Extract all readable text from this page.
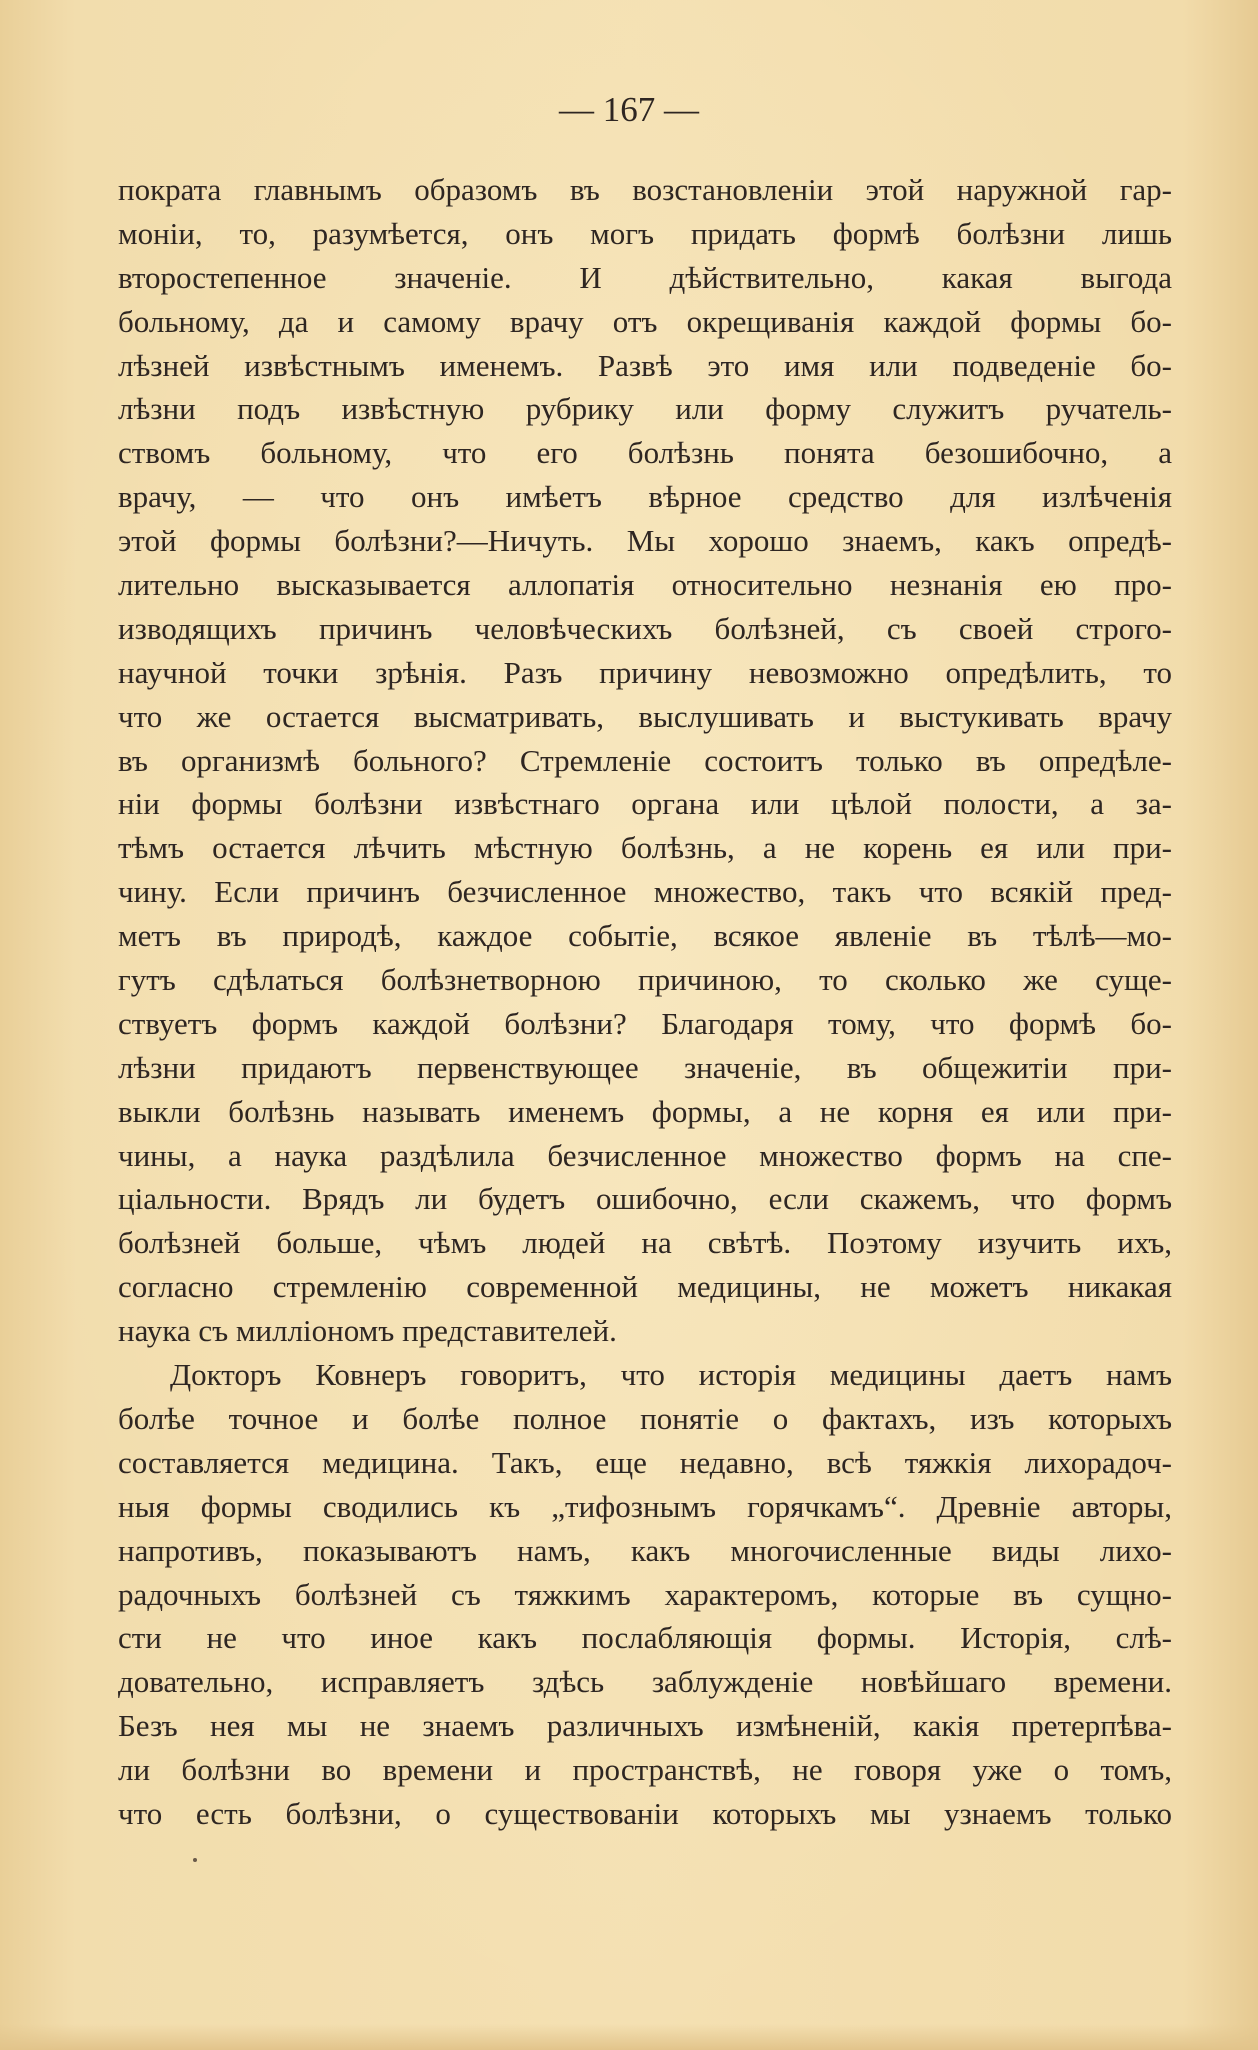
— 167 —
пократа главнымъ образомъ въ возстановленіи этой наружной гар-
моніи, то, разумѣется, онъ могъ придать формѣ болѣзни лишь
второстепенное значеніе. И дѣйствительно, какая выгода
больному, да и самому врачу отъ окрещиванія каждой формы бо-
лѣзней извѣстнымъ именемъ. Развѣ это имя или подведеніе бо-
лѣзни подъ извѣстную рубрику или форму служитъ ручатель-
ствомъ больному, что его болѣзнь понята безошибочно, а
врачу, — что онъ имѣетъ вѣрное средство для излѣченія
этой формы болѣзни?—Ничуть. Мы хорошо знаемъ, какъ опредѣ-
лительно высказывается аллопатія относительно незнанія ею про-
изводящихъ причинъ человѣческихъ болѣзней, съ своей строго-
научной точки зрѣнія. Разъ причину невозможно опредѣлить, то
что же остается высматривать, выслушивать и выстукивать врачу
въ организмѣ больного? Стремленіе состоитъ только въ опредѣле-
ніи формы болѣзни извѣстнаго органа или цѣлой полости, а за-
тѣмъ остается лѣчить мѣстную болѣзнь, а не корень ея или при-
чину. Если причинъ безчисленное множество, такъ что всякій пред-
метъ въ природѣ, каждое событіе, всякое явленіе въ тѣлѣ—мо-
гутъ сдѣлаться болѣзнетворною причиною, то сколько же суще-
ствуетъ формъ каждой болѣзни? Благодаря тому, что формѣ бо-
лѣзни придаютъ первенствующее значеніе, въ общежитіи при-
выкли болѣзнь называть именемъ формы, а не корня ея или при-
чины, а наука раздѣлила безчисленное множество формъ на спе-
ціальности. Врядъ ли будетъ ошибочно, если скажемъ, что формъ
болѣзней больше, чѣмъ людей на свѣтѣ. Поэтому изучить ихъ,
согласно стремленію современной медицины, не можетъ никакая
наука съ милліономъ представителей.
Докторъ Ковнеръ говоритъ, что исторія медицины даетъ намъ
болѣе точное и болѣе полное понятіе о фактахъ, изъ которыхъ
составляется медицина. Такъ, еще недавно, всѣ тяжкія лихорадоч-
ныя формы сводились къ „тифознымъ горячкамъ“. Древніе авторы,
напротивъ, показываютъ намъ, какъ многочисленные виды лихо-
радочныхъ болѣзней съ тяжкимъ характеромъ, которые въ сущно-
сти не что иное какъ послабляющія формы. Исторія, слѣ-
довательно, исправляетъ здѣсь заблужденіе новѣйшаго времени.
Безъ нея мы не знаемъ различныхъ измѣненій, какія претерпѣва-
ли болѣзни во времени и пространствѣ, не говоря уже о томъ,
что есть болѣзни, о существованіи которыхъ мы узнаемъ только
